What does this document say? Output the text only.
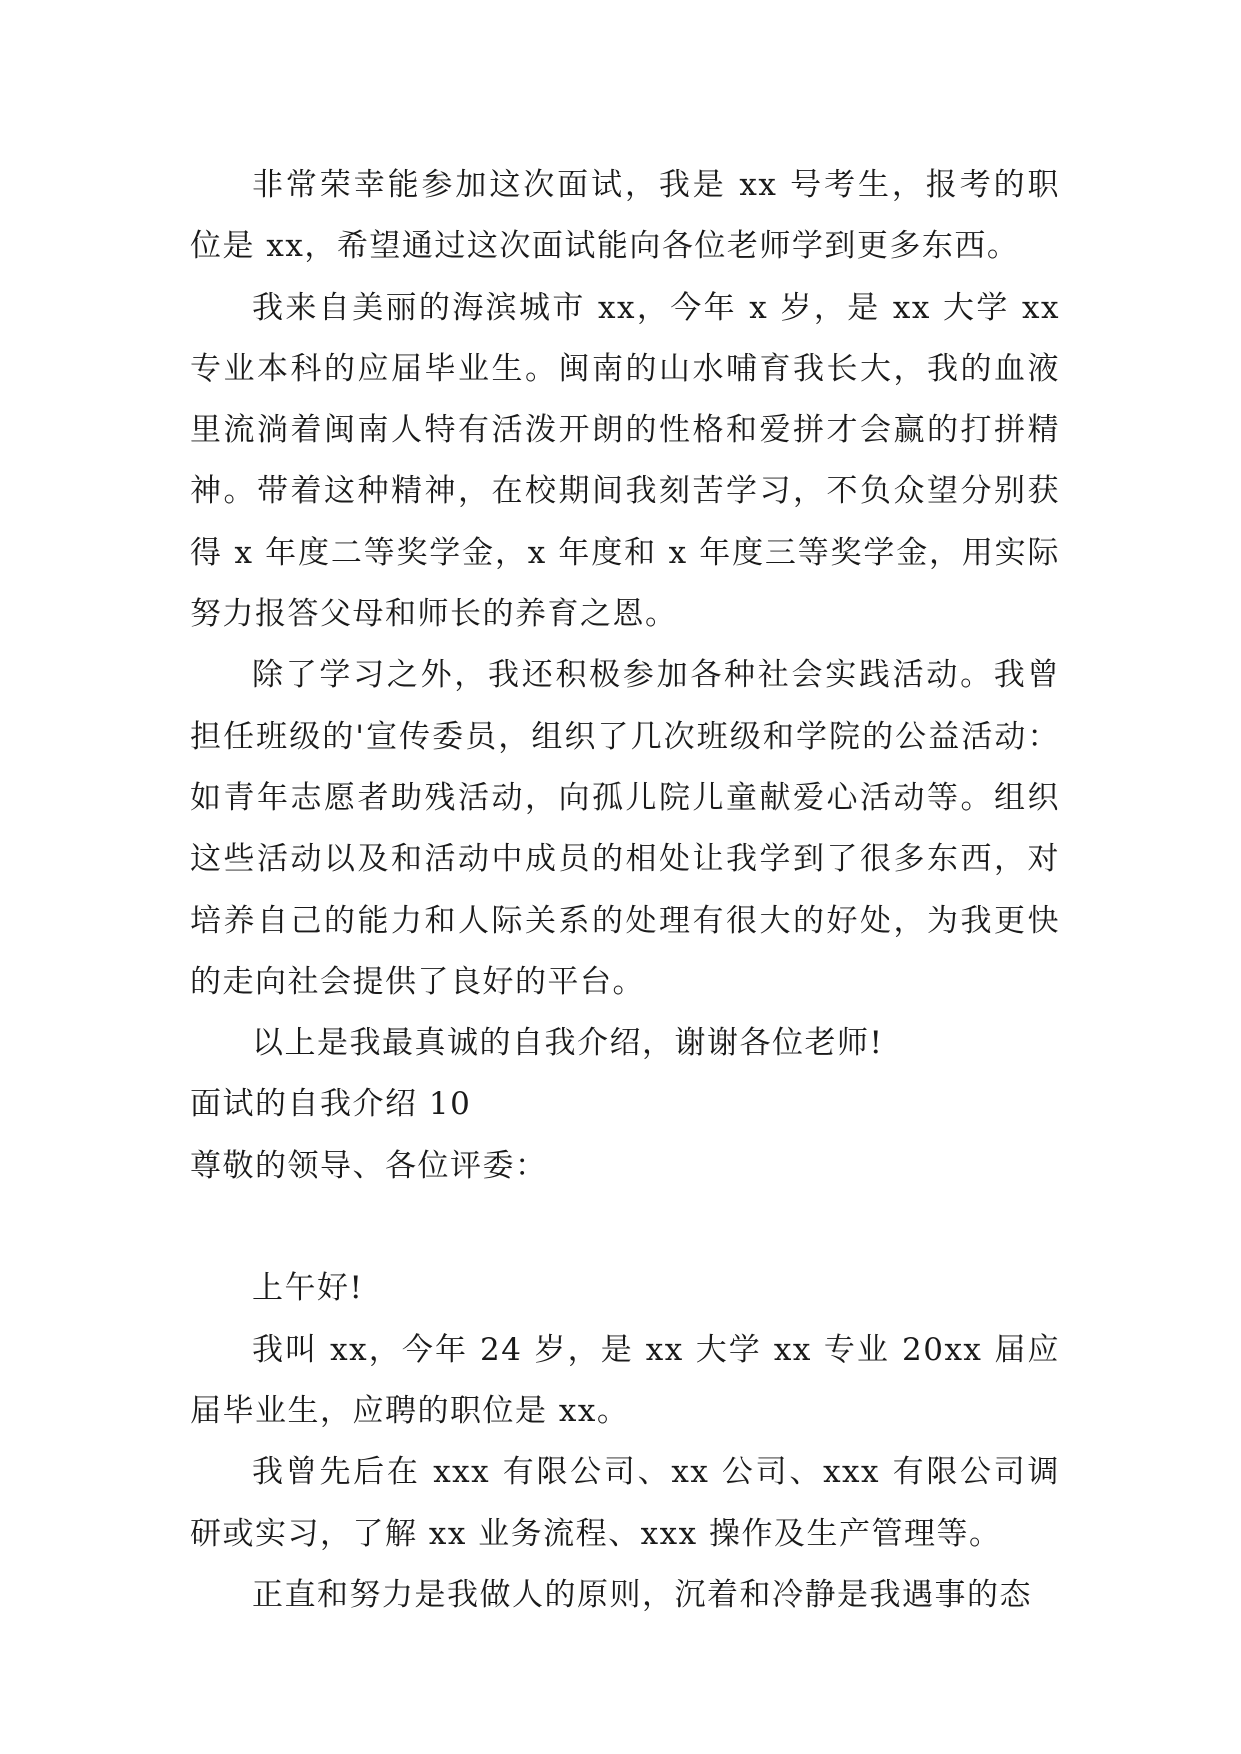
非常荣幸能参加这次面试，我是 xx 号考生，报考的职位是 xx，希望通过这次面试能向各位老师学到更多东西。

我来自美丽的海滨城市 xx，今年 x 岁，是 xx 大学 xx 专业本科的应届毕业生。闽南的山水哺育我长大，我的血液里流淌着闽南人特有活泼开朗的性格和爱拼才会赢的打拼精神。带着这种精神，在校期间我刻苦学习，不负众望分别获得 x 年度二等奖学金，x 年度和 x 年度三等奖学金，用实际努力报答父母和师长的养育之恩。

除了学习之外，我还积极参加各种社会实践活动。我曾担任班级的'宣传委员，组织了几次班级和学院的公益活动：如青年志愿者助残活动，向孤儿院儿童献爱心活动等。组织这些活动以及和活动中成员的相处让我学到了很多东西，对培养自己的能力和人际关系的处理有很大的好处，为我更快的走向社会提供了良好的平台。

以上是我最真诚的自我介绍，谢谢各位老师!

面试的自我介绍 10

尊敬的领导、各位评委：

上午好!

我叫 xx，今年 24 岁，是 xx 大学 xx 专业 20xx 届应届毕业生，应聘的职位是 xx。

我曾先后在 xxx 有限公司、xx 公司、xxx 有限公司调研或实习，了解 xx 业务流程、xxx 操作及生产管理等。

正直和努力是我做人的原则，沉着和冷静是我遇事的态
